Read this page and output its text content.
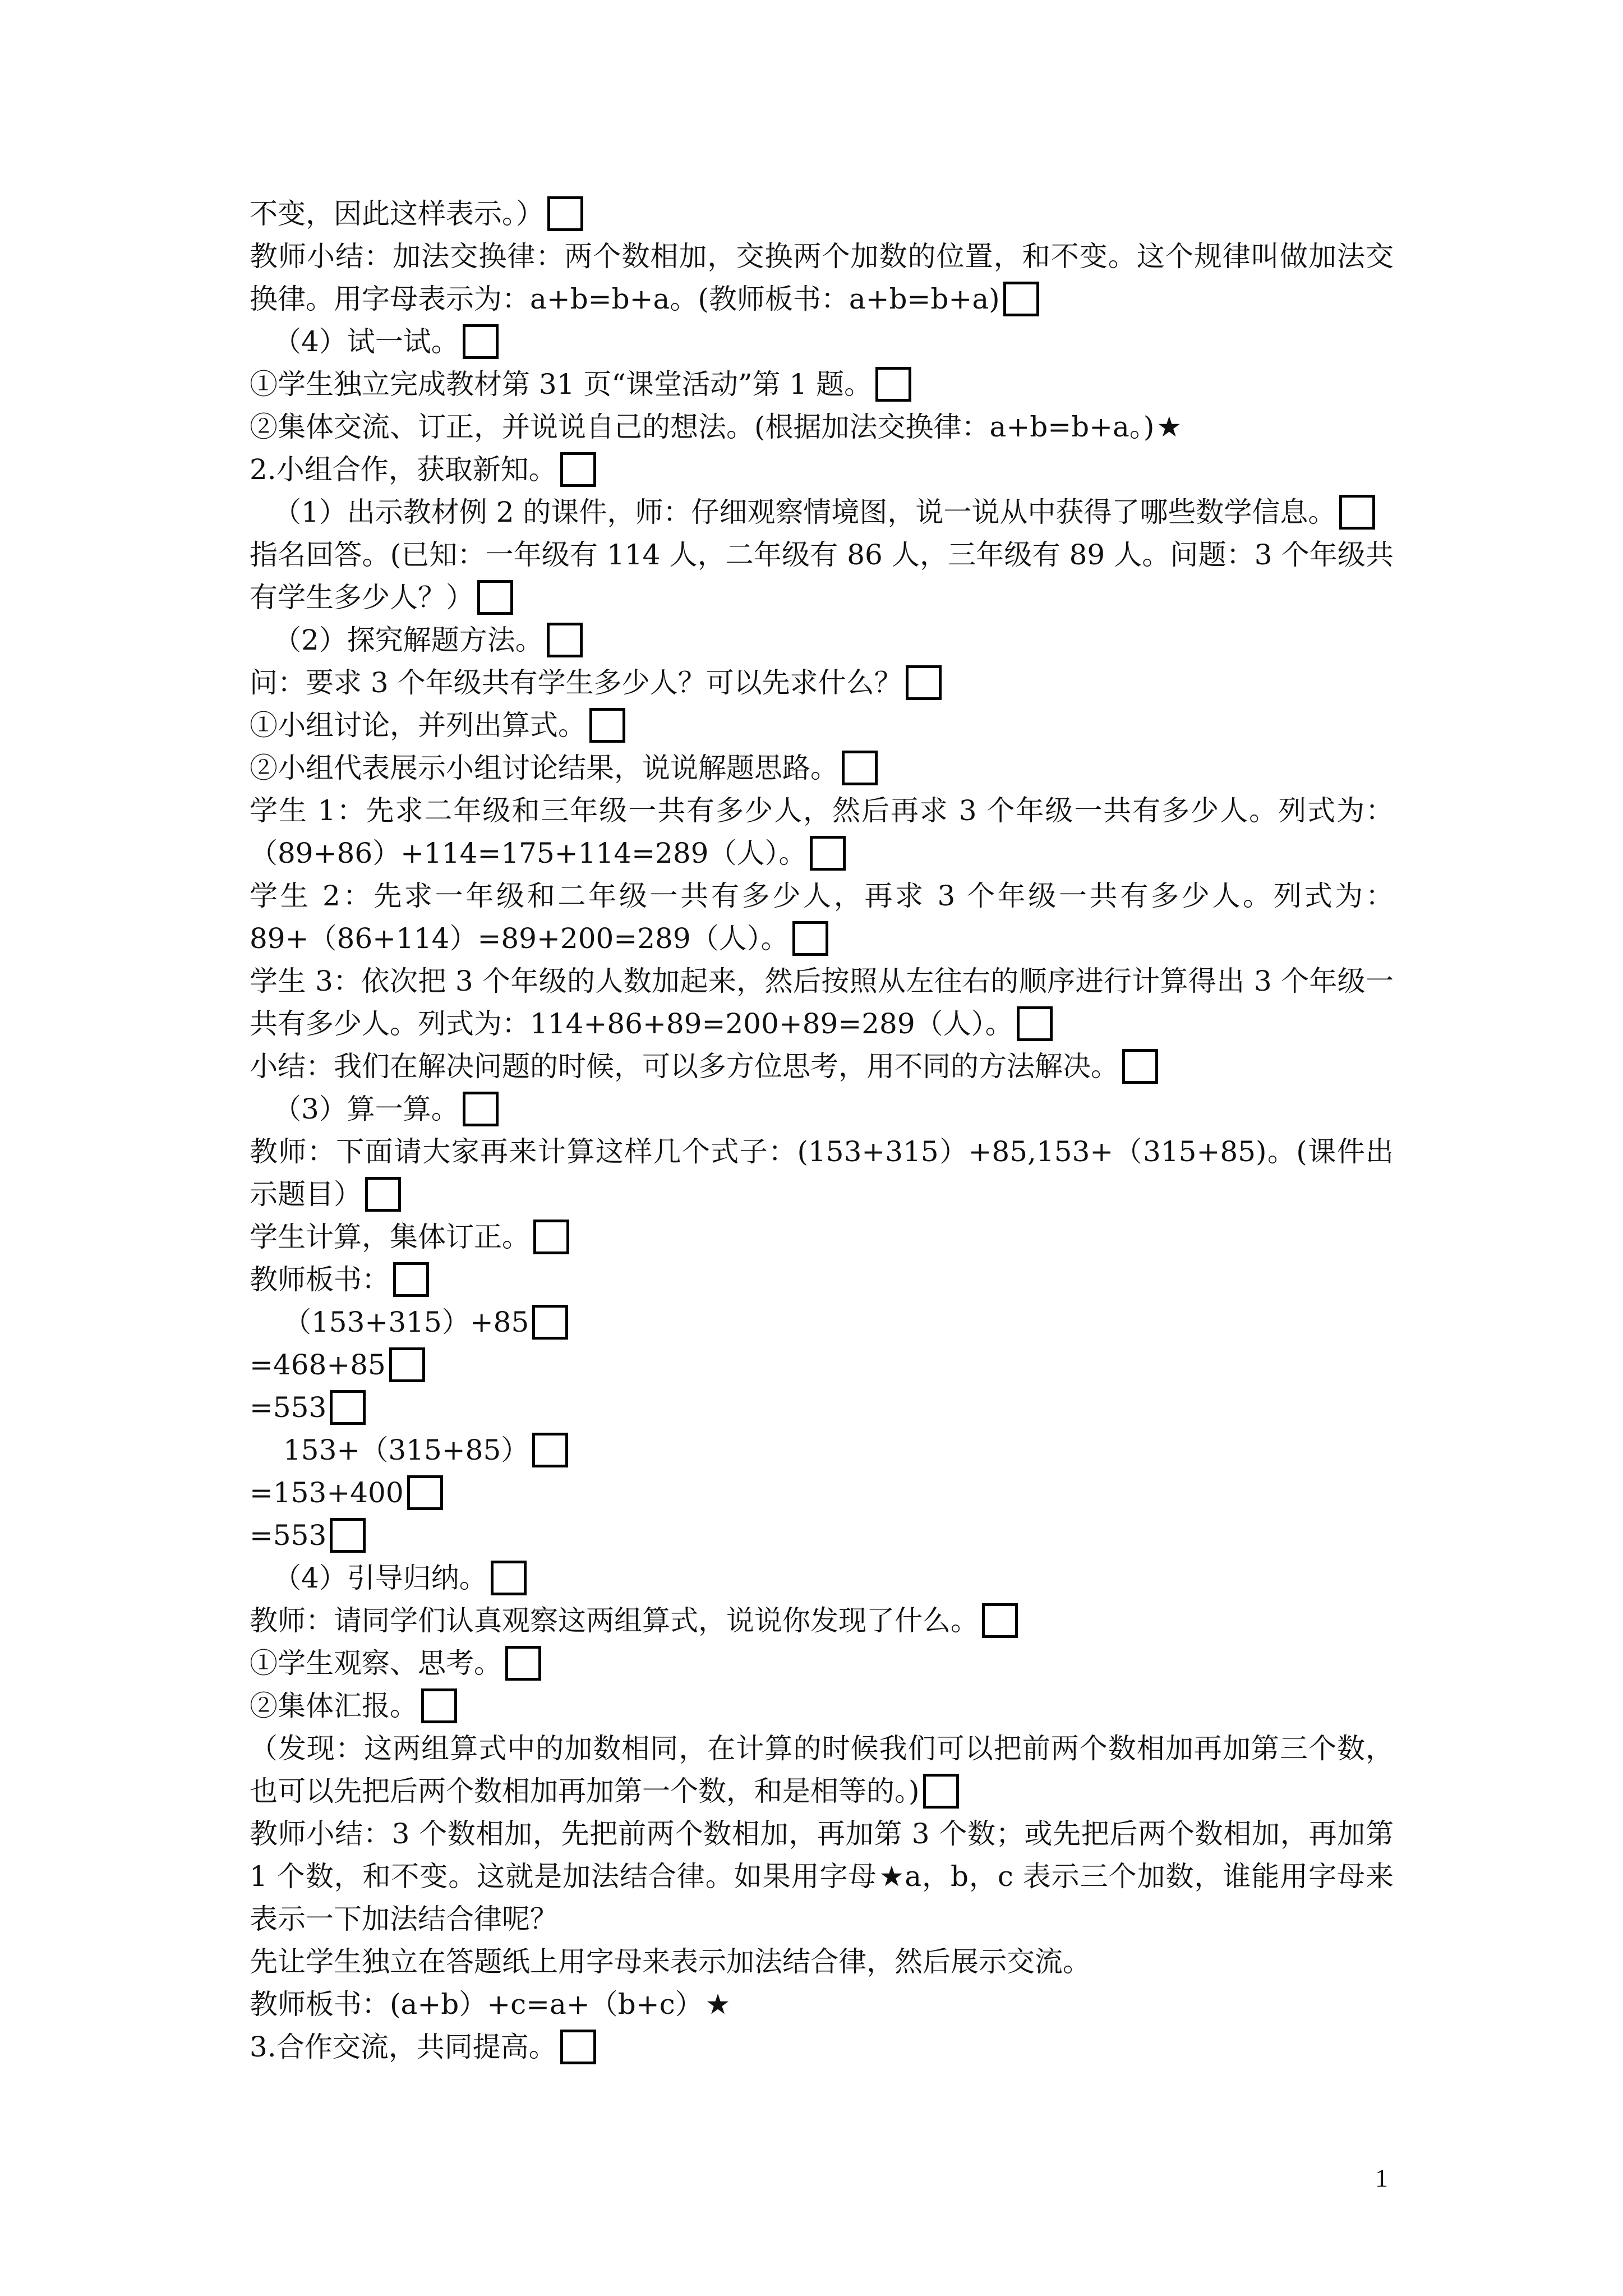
不变，因此这样表示。）
教师小结：加法交换律：两个数相加，交换两个加数的位置，和不变。这个规律叫做加法交换律。用字母表示为：a+b=b+a。(教师板书：a+b=b+a)
（4）试一试。
①学生独立完成教材第 31 页“课堂活动”第 1 题。
②集体交流、订正，并说说自己的想法。(根据加法交换律：a+b=b+a。)★
2.小组合作，获取新知。
（1）出示教材例 2 的课件，师：仔细观察情境图，说一说从中获得了哪些数学信息。
指名回答。(已知：一年级有 114 人，二年级有 86 人，三年级有 89 人。问题：3 个年级共有学生多少人？）
（2）探究解题方法。
问：要求 3 个年级共有学生多少人？可以先求什么？
①小组讨论，并列出算式。
②小组代表展示小组讨论结果，说说解题思路。
学生 1：先求二年级和三年级一共有多少人，然后再求 3 个年级一共有多少人。列式为：（89+86）+114=175+114=289（人）。
学生 2：先求一年级和二年级一共有多少人，再求 3 个年级一共有多少人。列式为：89+（86+114）=89+200=289（人）。
学生 3：依次把 3 个年级的人数加起来，然后按照从左往右的顺序进行计算得出 3 个年级一共有多少人。列式为：114+86+89=200+89=289（人）。
小结：我们在解决问题的时候，可以多方位思考，用不同的方法解决。
（3）算一算。
教师：下面请大家再来计算这样几个式子：(153+315）+85,153+（315+85)。(课件出示题目）
学生计算，集体订正。
教师板书：
（153+315）+85
=468+85
=553
153+（315+85）
=153+400
=553
（4）引导归纳。
教师：请同学们认真观察这两组算式，说说你发现了什么。
①学生观察、思考。
②集体汇报。
（发现：这两组算式中的加数相同，在计算的时候我们可以把前两个数相加再加第三个数，也可以先把后两个数相加再加第一个数，和是相等的。)
教师小结：3 个数相加，先把前两个数相加，再加第 3 个数；或先把后两个数相加，再加第 1 个数，和不变。这就是加法结合律。如果用字母★a，b，c 表示三个加数，谁能用字母来表示一下加法结合律呢？
先让学生独立在答题纸上用字母来表示加法结合律，然后展示交流。
教师板书：(a+b）+c=a+（b+c）★
3.合作交流，共同提高。
1
